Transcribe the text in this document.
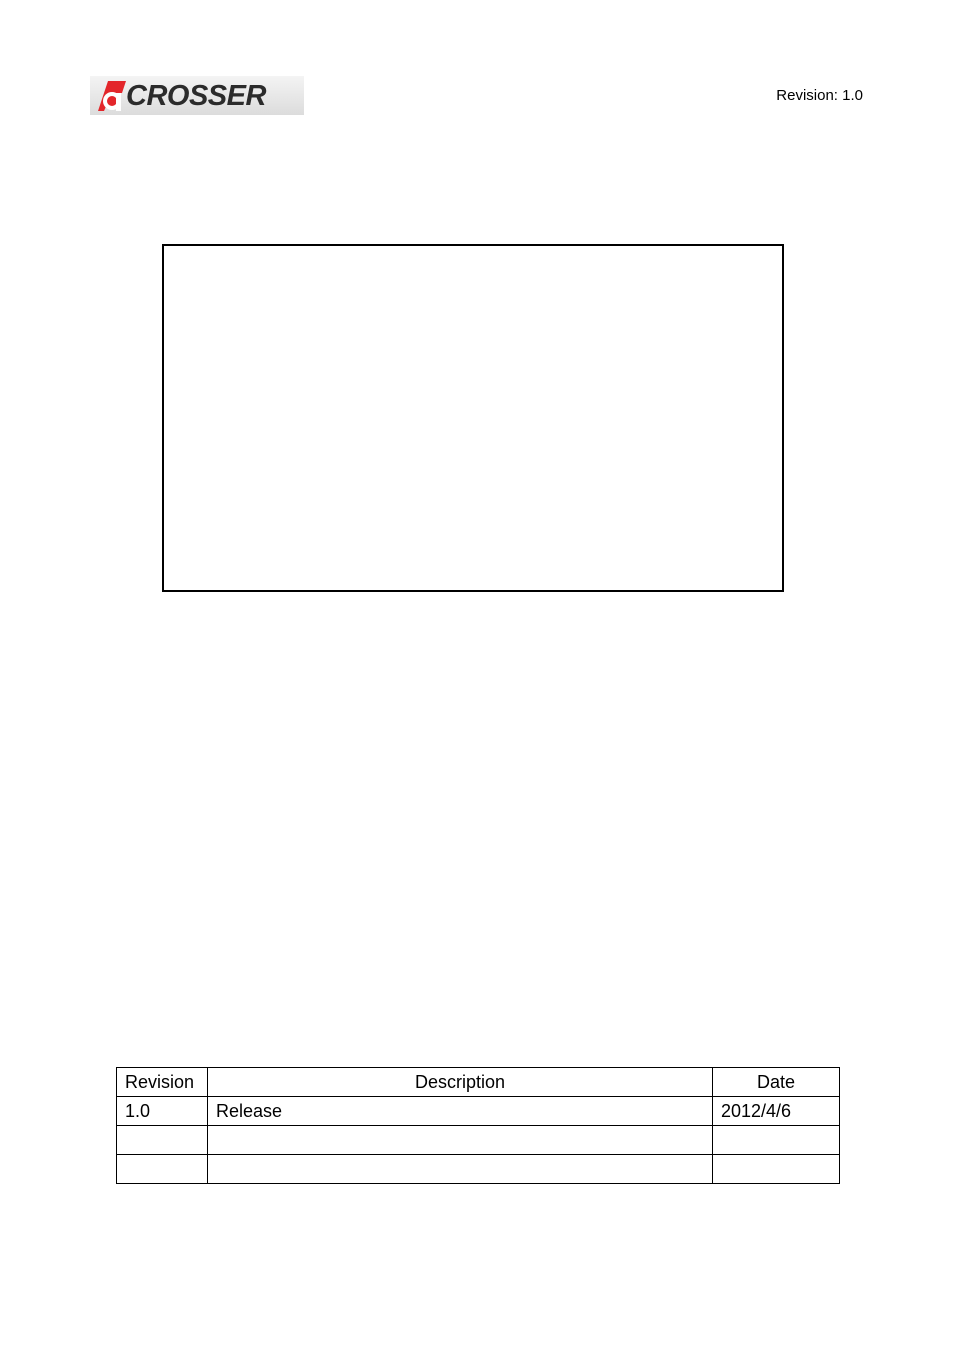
CROSSER	Revision: 1.0
Revision	Description	Date
1.0	Release	2012/4/6
